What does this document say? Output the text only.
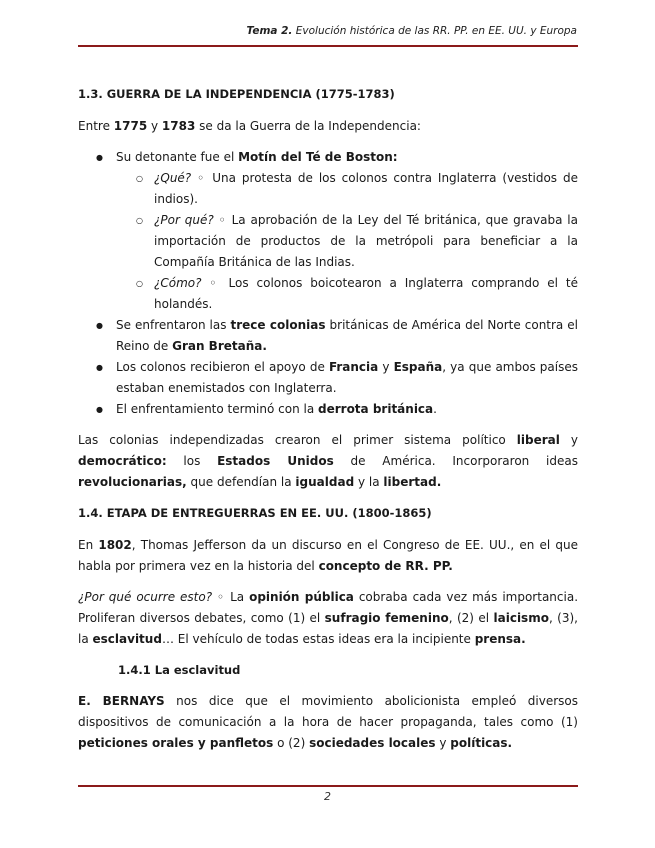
Tema 2. Evolución histórica de las RR. PP. en EE. UU. y Europa

1.3. GUERRA DE LA INDEPENDENCIA (1775-1783)

Entre 1775 y 1783 se da la Guerra de la Independencia:

● Su detonante fue el Motín del Té de Boston:
○ ¿Qué? ◦ Una protesta de los colonos contra Inglaterra (vestidos de indios).
○ ¿Por qué? ◦ La aprobación de la Ley del Té británica, que gravaba la importación de productos de la metrópoli para beneficiar a la Compañía Británica de las Indias.
○ ¿Cómo? ◦ Los colonos boicotearon a Inglaterra comprando el té holandés.
● Se enfrentaron las trece colonias británicas de América del Norte contra el Reino de Gran Bretaña.
● Los colonos recibieron el apoyo de Francia y España, ya que ambos países estaban enemistados con Inglaterra.
● El enfrentamiento terminó con la derrota británica.

Las colonias independizadas crearon el primer sistema político liberal y democrático: los Estados Unidos de América. Incorporaron ideas revolucionarias, que defendían la igualdad y la libertad.

1.4. ETAPA DE ENTREGUERRAS EN EE. UU. (1800-1865)

En 1802, Thomas Jefferson da un discurso en el Congreso de EE. UU., en el que habla por primera vez en la historia del concepto de RR. PP.

¿Por qué ocurre esto? ◦ La opinión pública cobraba cada vez más importancia. Proliferan diversos debates, como (1) el sufragio femenino, (2) el laicismo, (3), la esclavitud… El vehículo de todas estas ideas era la incipiente prensa.

1.4.1 La esclavitud

E. BERNAYS nos dice que el movimiento abolicionista empleó diversos dispositivos de comunicación a la hora de hacer propaganda, tales como (1) peticiones orales y panfletos o (2) sociedades locales y políticas.

2
